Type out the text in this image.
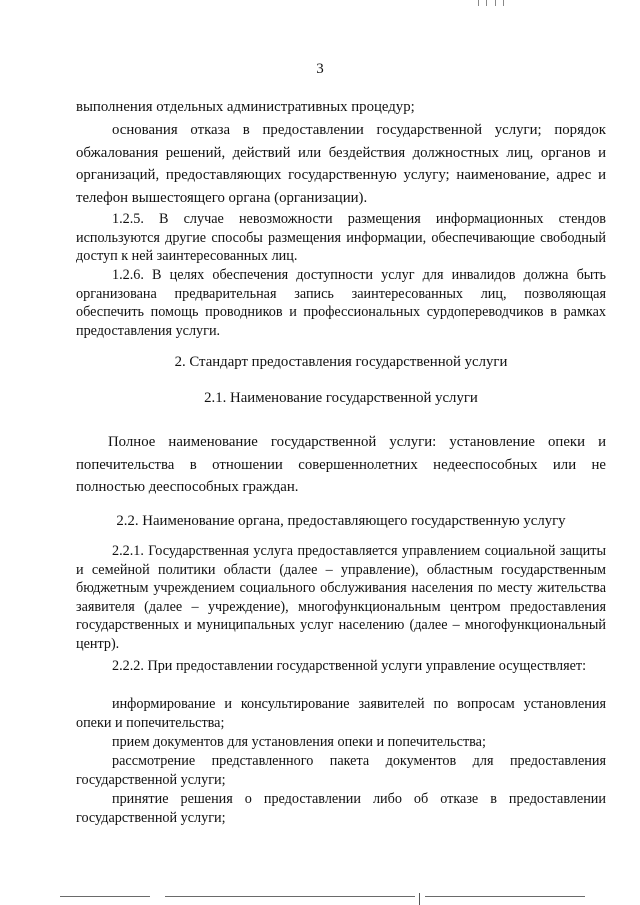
3

выполнения отдельных административных процедур;

основания отказа в предоставлении государственной услуги; порядок обжалования решений, действий или бездействия должностных лиц, органов и организаций, предоставляющих государственную услугу; наименование, адрес и телефон вышестоящего органа (организации).

1.2.5. В случае невозможности размещения информационных стендов используются другие способы размещения информации, обеспечивающие свободный доступ к ней заинтересованных лиц.

1.2.6. В целях обеспечения доступности услуг для инвалидов должна быть организована предварительная запись заинтересованных лиц, позволяющая обеспечить помощь проводников и профессиональных сурдопереводчиков в рамках предоставления услуги.

2. Стандарт предоставления государственной услуги

2.1. Наименование государственной услуги

Полное наименование государственной услуги: установление опеки и попечительства в отношении совершеннолетних недееспособных или не полностью дееспособных граждан.

2.2. Наименование органа, предоставляющего государственную услугу

2.2.1. Государственная услуга предоставляется управлением социальной защиты и семейной политики области (далее – управление), областным государственным бюджетным учреждением социального обслуживания населения по месту жительства заявителя (далее – учреждение), многофункциональным центром предоставления государственных и муниципальных услуг населению (далее – многофункциональный центр).

2.2.2. При предоставлении государственной услуги управление осуществляет:

информирование и консультирование заявителей по вопросам установления опеки и попечительства;

прием документов для установления опеки и попечительства;

рассмотрение представленного пакета документов для предоставления государственной услуги;

принятие решения о предоставлении либо об отказе в предоставлении государственной услуги;
